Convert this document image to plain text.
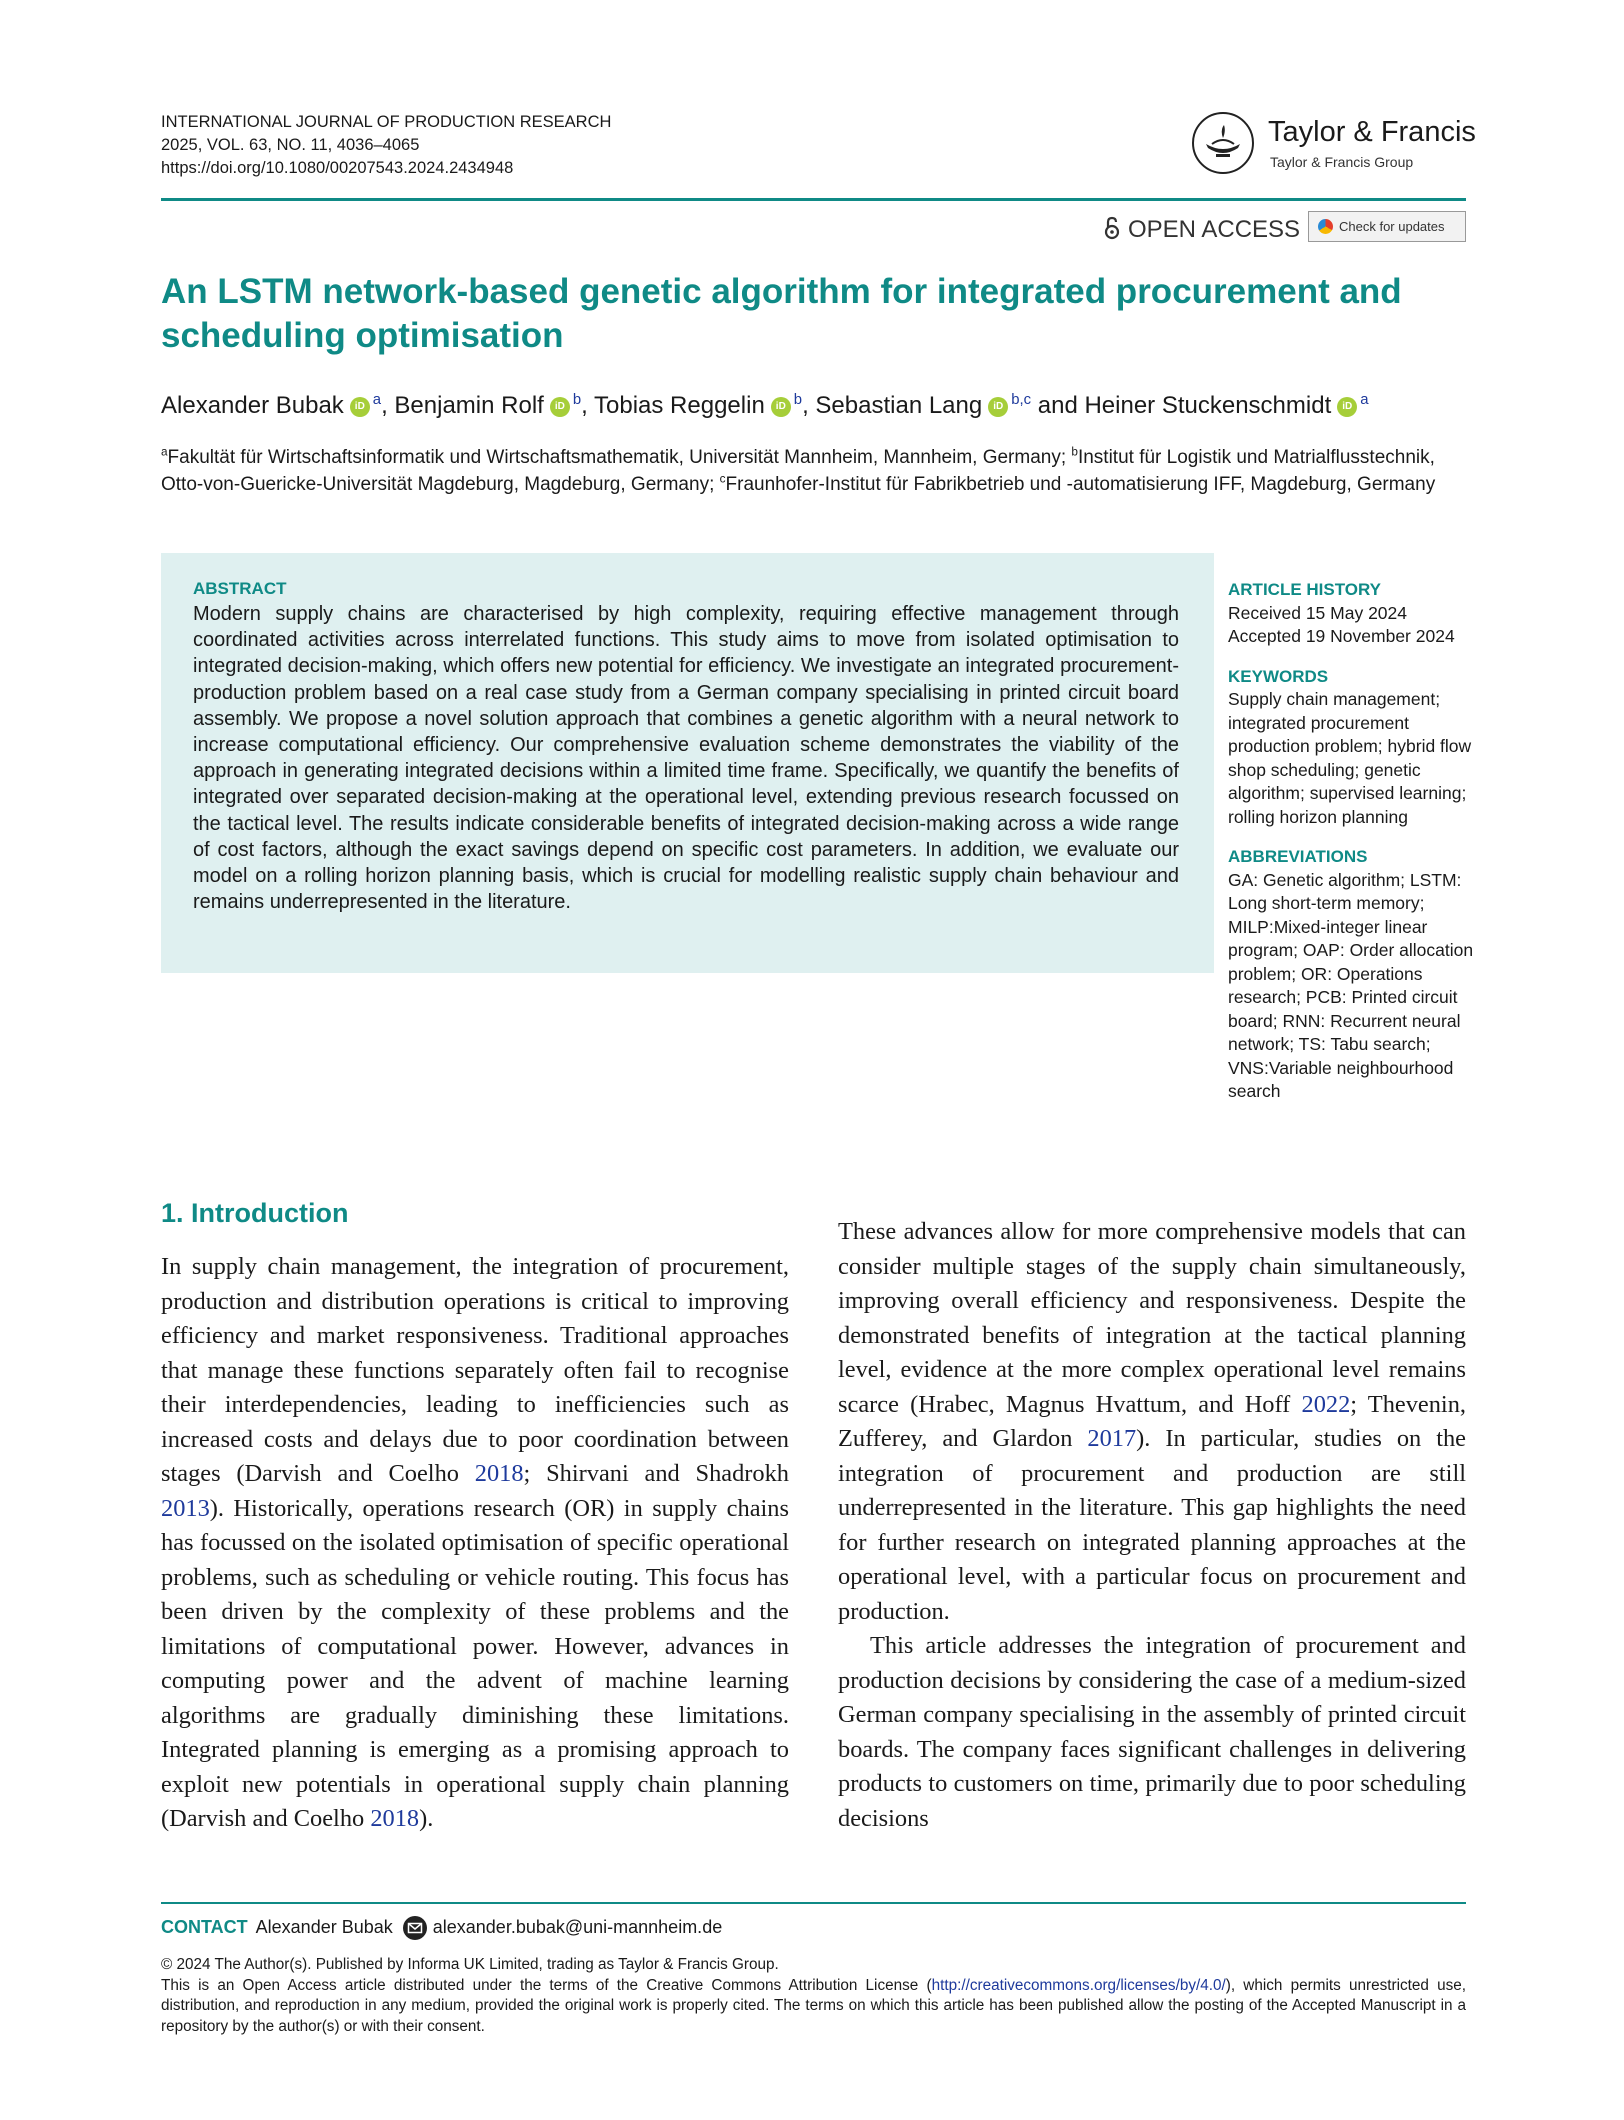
INTERNATIONAL JOURNAL OF PRODUCTION RESEARCH
2025, VOL. 63, NO. 11, 4036–4065
https://doi.org/10.1080/00207543.2024.2434948
Taylor & Francis
Taylor & Francis Group
OPEN ACCESS	Check for updates
An LSTM network-based genetic algorithm for integrated procurement and scheduling optimisation
Alexander Bubak iD $^a$, Benjamin Rolf iD $^b$, Tobias Reggelin iD $^b$, Sebastian Lang iD $^{b,c}$ and Heiner Stuckenschmidt iD $^a$
$^a$Fakultät für Wirtschaftsinformatik und Wirtschaftsmathematik, Universität Mannheim, Mannheim, Germany; $^b$Institut für Logistik und Matrialflusstechnik, Otto-von-Guericke-Universität Magdeburg, Magdeburg, Germany; $^c$Fraunhofer-Institut für Fabrikbetrieb und -automatisierung IFF, Magdeburg, Germany
ABSTRACT
Modern supply chains are characterised by high complexity, requiring effective management through coordinated activities across interrelated functions. This study aims to move from isolated optimisation to integrated decision-making, which offers new potential for efficiency. We investigate an integrated procurement-production problem based on a real case study from a German company specialising in printed circuit board assembly. We propose a novel solution approach that combines a genetic algorithm with a neural network to increase computational efficiency. Our comprehensive evaluation scheme demonstrates the viability of the approach in generating integrated decisions within a limited time frame. Specifically, we quantify the benefits of integrated over separated decision-making at the operational level, extending previous research focussed on the tactical level. The results indicate considerable benefits of integrated decision-making across a wide range of cost factors, although the exact savings depend on specific cost parameters. In addition, we evaluate our model on a rolling horizon planning basis, which is crucial for modelling realistic supply chain behaviour and remains underrepresented in the literature.
ARTICLE HISTORY
Received 15 May 2024
Accepted 19 November 2024
KEYWORDS
Supply chain management; integrated procurement production problem; hybrid flow shop scheduling; genetic algorithm; supervised learning; rolling horizon planning
ABBREVIATIONS
GA: Genetic algorithm; LSTM: Long short-term memory; MILP:Mixed-integer linear program; OAP: Order allocation problem; OR: Operations research; PCB: Printed circuit board; RNN: Recurrent neural network; TS: Tabu search; VNS:Variable neighbourhood search
1. Introduction
In supply chain management, the integration of procurement, production and distribution operations is critical to improving efficiency and market responsiveness. Traditional approaches that manage these functions separately often fail to recognise their interdependencies, leading to inefficiencies such as increased costs and delays due to poor coordination between stages (Darvish and Coelho 2018; Shirvani and Shadrokh 2013). Historically, operations research (OR) in supply chains has focussed on the isolated optimisation of specific operational problems, such as scheduling or vehicle routing. This focus has been driven by the complexity of these problems and the limitations of computational power. However, advances in computing power and the advent of machine learning algorithms are gradually diminishing these limitations. Integrated planning is emerging as a promising approach to exploit new potentials in operational supply chain planning (Darvish and Coelho 2018).
These advances allow for more comprehensive models that can consider multiple stages of the supply chain simultaneously, improving overall efficiency and responsiveness. Despite the demonstrated benefits of integration at the tactical planning level, evidence at the more complex operational level remains scarce (Hrabec, Magnus Hvattum, and Hoff 2022; Thevenin, Zufferey, and Glardon 2017). In particular, studies on the integration of procurement and production are still underrepresented in the literature. This gap highlights the need for further research on integrated planning approaches at the operational level, with a particular focus on procurement and production.
This article addresses the integration of procurement and production decisions by considering the case of a medium-sized German company specialising in the assembly of printed circuit boards. The company faces significant challenges in delivering products to customers on time, primarily due to poor scheduling decisions
CONTACT Alexander Bubak alexander.bubak@uni-mannheim.de

© 2024 The Author(s). Published by Informa UK Limited, trading as Taylor & Francis Group.

This is an Open Access article distributed under the terms of the Creative Commons Attribution License (http://creativecommons.org/licenses/by/4.0/), which permits unrestricted use, distribution, and reproduction in any medium, provided the original work is properly cited. The terms on which this article has been published allow the posting of the Accepted Manuscript in a repository by the author(s) or with their consent.
